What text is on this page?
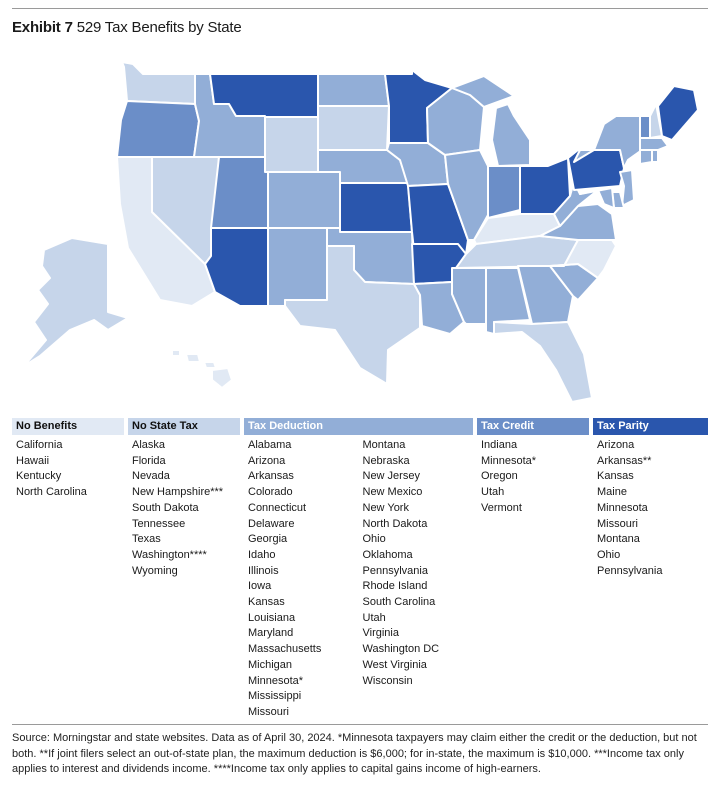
Exhibit 7 529 Tax Benefits by State
No Benefits
California
Hawaii
Kentucky
North Carolina
No State Tax
Alaska
Florida
Nevada
New Hampshire***
South Dakota
Tennessee
Texas
Washington****
Wyoming
Tax Deduction
Alabama
Arizona
Arkansas
Colorado
Connecticut
Delaware
Georgia
Idaho
Illinois
Iowa
Kansas
Louisiana
Maryland
Massachusetts
Michigan
Minnesota*
Mississippi
Missouri
Montana
Nebraska
New Jersey
New Mexico
New York
North Dakota
Ohio
Oklahoma
Pennsylvania
Rhode Island
South Carolina
Utah
Virginia
Washington DC
West Virginia
Wisconsin
Tax Credit
Indiana
Minnesota*
Oregon
Utah
Vermont
Tax Parity
Arizona
Arkansas**
Kansas
Maine
Minnesota
Missouri
Montana
Ohio
Pennsylvania
Source: Morningstar and state websites. Data as of April 30, 2024. *Minnesota taxpayers may claim either the credit or the deduction, but not both. **If joint filers select an out-of-state plan, the maximum deduction is $6,000; for in-state, the maximum is $10,000. ***Income tax only applies to interest and dividends income. ****Income tax only applies to capital gains income of high-earners.
